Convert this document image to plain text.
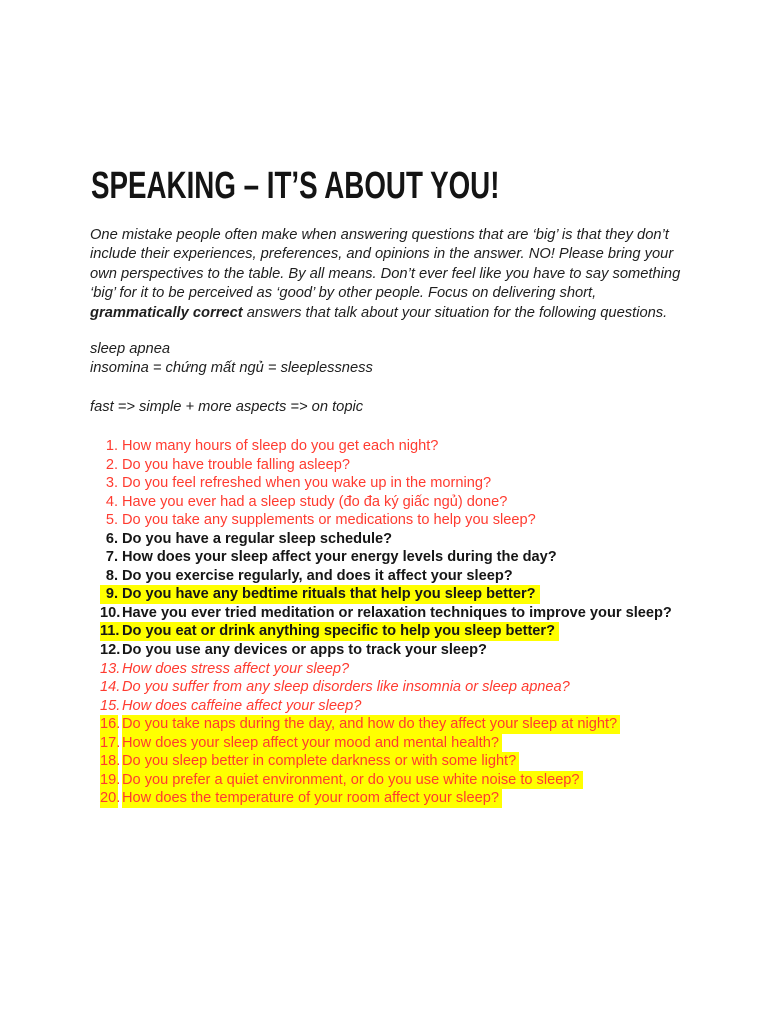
SPEAKING – IT’S ABOUT YOU!

One mistake people often make when answering questions that are ‘big’ is that they don’t include their experiences, preferences, and opinions in the answer. NO! Please bring your own perspectives to the table. By all means. Don’t ever feel like you have to say something ‘big’ for it to be perceived as ‘good’ by other people. Focus on delivering short, grammatically correct answers that talk about your situation for the following questions.

sleep apnea
insomina = chứng mất ngủ = sleeplessness
fast => simple + more aspects => on topic
1. How many hours of sleep do you get each night?
2. Do you have trouble falling asleep?
3. Do you feel refreshed when you wake up in the morning?
4. Have you ever had a sleep study (đo đa ký giấc ngủ) done?
5. Do you take any supplements or medications to help you sleep?
6. Do you have a regular sleep schedule?
7. How does your sleep affect your energy levels during the day?
8. Do you exercise regularly, and does it affect your sleep?
9. Do you have any bedtime rituals that help you sleep better?
10. Have you ever tried meditation or relaxation techniques to improve your sleep?
11. Do you eat or drink anything specific to help you sleep better?
12. Do you use any devices or apps to track your sleep?
13. How does stress affect your sleep?
14. Do you suffer from any sleep disorders like insomnia or sleep apnea?
15. How does caffeine affect your sleep?
16. Do you take naps during the day, and how do they affect your sleep at night?
17. How does your sleep affect your mood and mental health?
18. Do you sleep better in complete darkness or with some light?
19. Do you prefer a quiet environment, or do you use white noise to sleep?
20. How does the temperature of your room affect your sleep?
